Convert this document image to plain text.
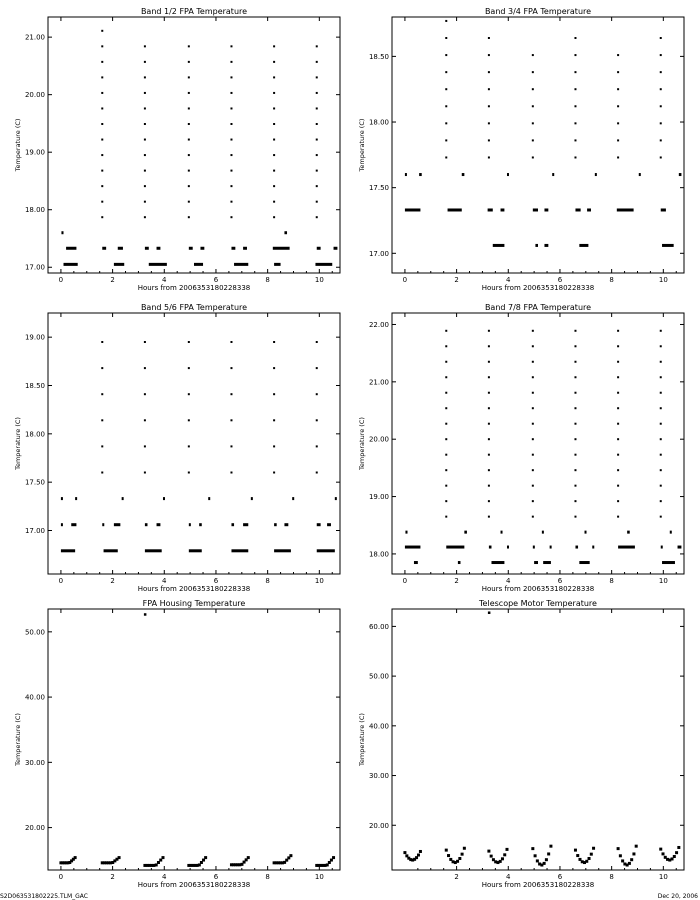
Band 1/2 FPA Temperature
0	2	4	6	8	10
17.00
18.00
19.00
20.00
21.00
Hours from 2006353180228338
Temperature (C)
Band 3/4 FPA Temperature
0	2	4	6	8	10
17.00
17.50
18.00
18.50
Hours from 2006353180228338
Temperature (C)
Band 5/6 FPA Temperature
0	2	4	6	8	10
17.00
17.50
18.00
18.50
19.00
Hours from 2006353180228338
Temperature (C)
Band 7/8 FPA Temperature
0	2	4	6	8	10
18.00
19.00
20.00
21.00
22.00
Hours from 2006353180228338
Temperature (C)
FPA Housing Temperature
0	2	4	6	8	10
20.00
30.00
40.00
50.00
Hours from 2006353180228338
Temperature (C)
Telescope Motor Temperature
2	4	6	8	10
20.00
30.00
40.00
50.00
60.00
Hours from 2006353180228338
Temperature (C)
S2D063531802225.TLM_GAC	Dec 20, 2006
